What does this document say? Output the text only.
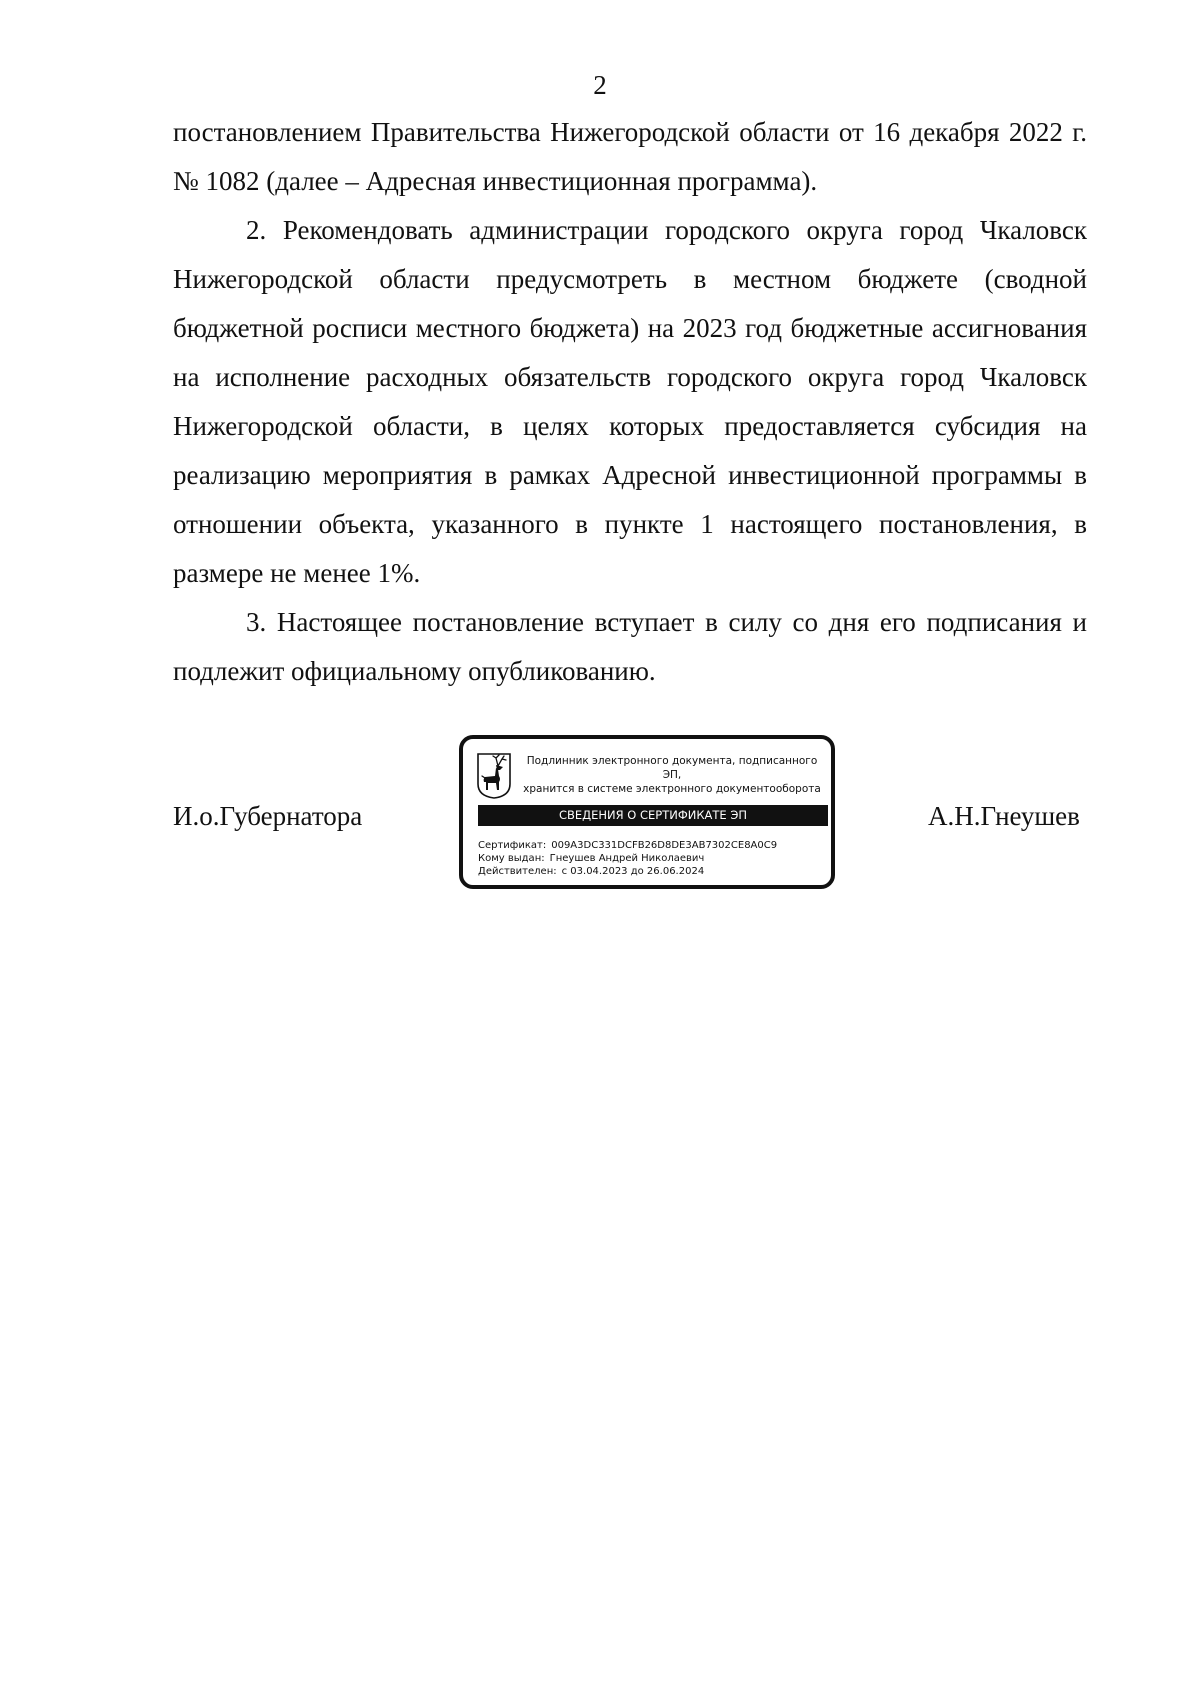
2

постановлением Правительства Нижегородской области от 16 декабря 2022 г. № 1082 (далее – Адресная инвестиционная программа).

2. Рекомендовать администрации городского округа город Чкаловск Нижегородской области предусмотреть в местном бюджете (сводной бюджетной росписи местного бюджета) на 2023 год бюджетные ассигнования на исполнение расходных обязательств городского округа город Чкаловск Нижегородской области, в целях которых предоставляется субсидия на реализацию мероприятия в рамках Адресной инвестиционной программы в отношении объекта, указанного в пункте 1 настоящего постановления, в размере не менее 1%.

3. Настоящее постановление вступает в силу со дня его подписания и подлежит официальному опубликованию.

И.о.Губернатора	А.Н.Гнеушев
Подлинник электронного документа, подписанного ЭП,
хранится в системе электронного документооборота
СВЕДЕНИЯ О СЕРТИФИКАТЕ ЭП
Сертификат: 009A3DC331DCFB26D8DE3AB7302CE8A0C9
Кому выдан: Гнеушев Андрей Николаевич
Действителен: с 03.04.2023 до 26.06.2024
